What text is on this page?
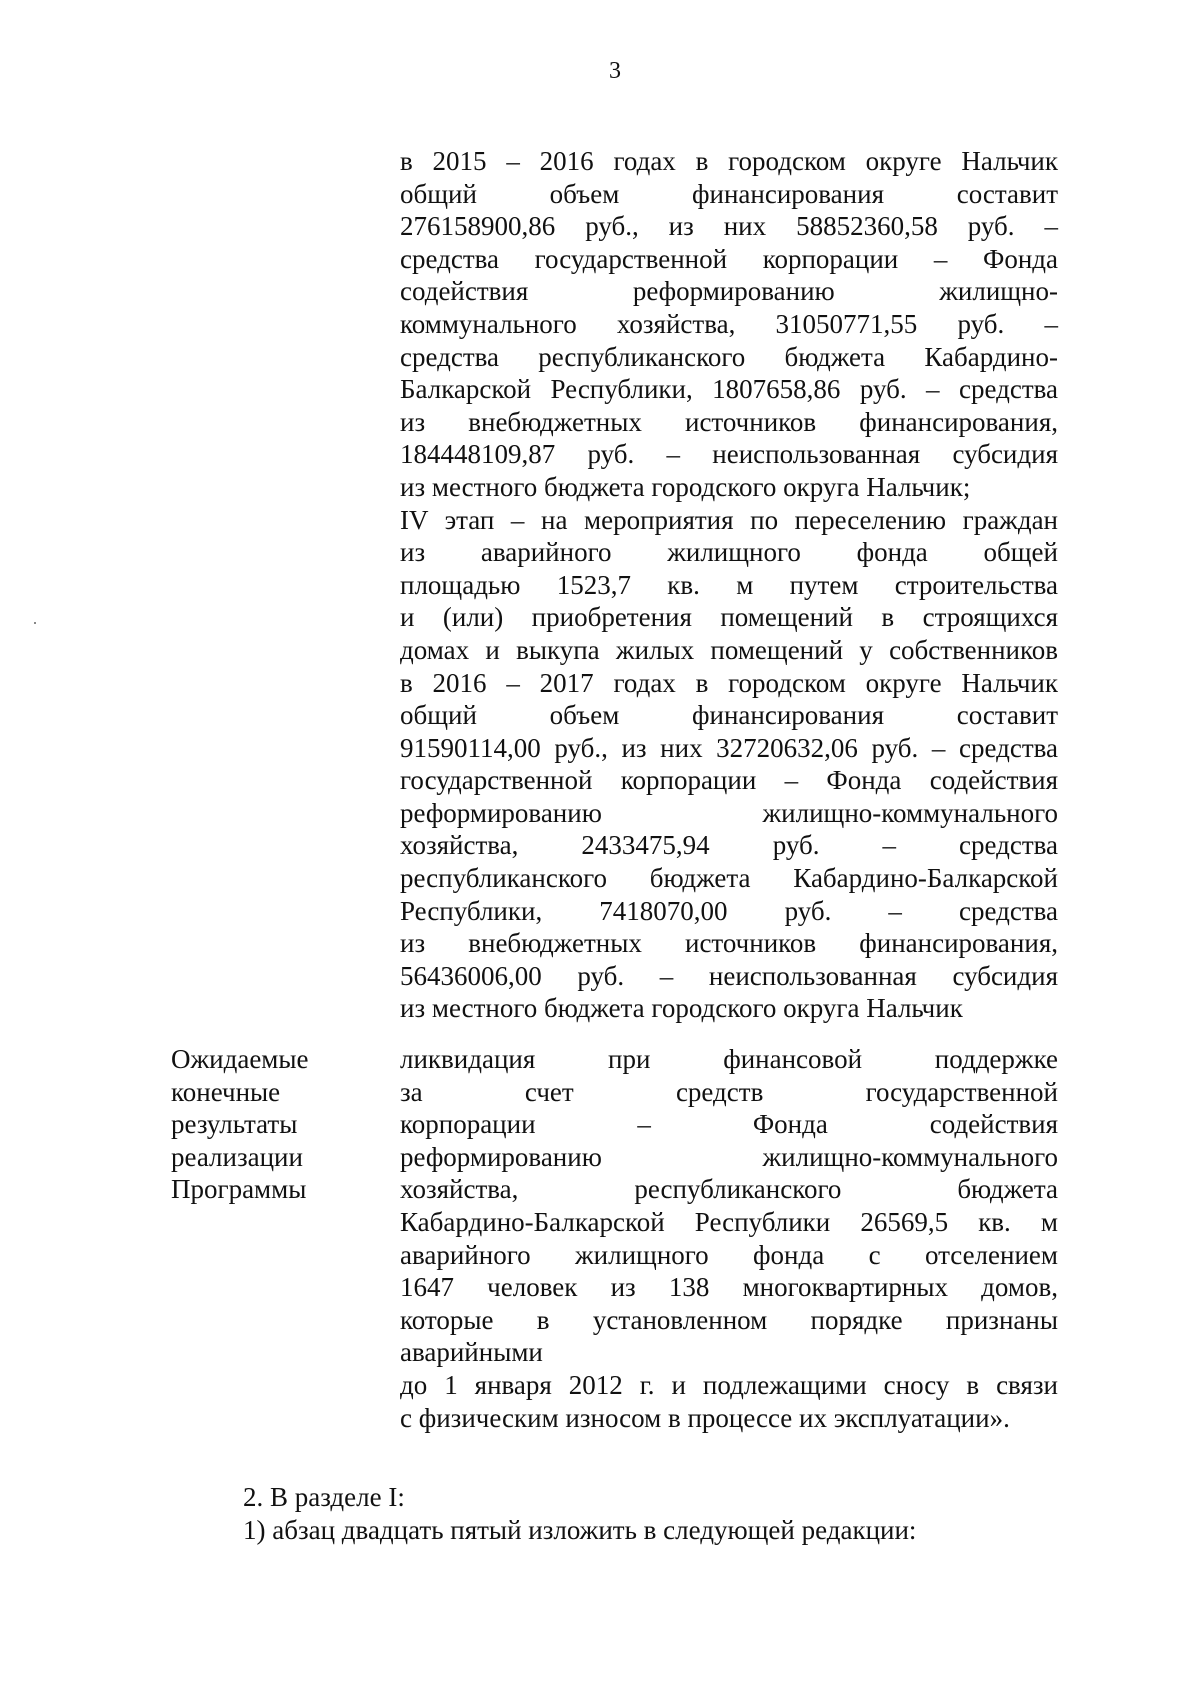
3
в 2015 – 2016 годах в городском округе Нальчик
общий объем финансирования составит
276158900,86 руб., из них 58852360,58 руб. –
средства государственной корпорации – Фонда
содействия реформированию жилищно-
коммунального хозяйства, 31050771,55 руб. –
средства республиканского бюджета Кабардино-
Балкарской Республики, 1807658,86 руб. – средства
из внебюджетных источников финансирования,
184448109,87 руб. – неиспользованная субсидия
из местного бюджета городского округа Нальчик;
IV этап – на мероприятия по переселению граждан
из аварийного жилищного фонда общей
площадью 1523,7 кв. м путем строительства
и (или) приобретения помещений в строящихся
домах и выкупа жилых помещений у собственников
в 2016 – 2017 годах в городском округе Нальчик
общий объем финансирования составит
91590114,00 руб., из них 32720632,06 руб. – средства
государственной корпорации – Фонда содействия
реформированию жилищно-коммунального
хозяйства, 2433475,94 руб. – средства
республиканского бюджета Кабардино-Балкарской
Республики, 7418070,00 руб. – средства
из внебюджетных источников финансирования,
56436006,00 руб. – неиспользованная субсидия
из местного бюджета городского округа Нальчик
Ожидаемые
конечные
результаты
реализации
Программы
ликвидация при финансовой поддержке
за счет средств государственной
корпорации – Фонда содействия
реформированию жилищно-коммунального
хозяйства, республиканского бюджета
Кабардино-Балкарской Республики 26569,5 кв. м
аварийного жилищного фонда с отселением
1647 человек из 138 многоквартирных домов,
которые в установленном порядке признаны
аварийными
до 1 января 2012 г. и подлежащими сносу в связи
с физическим износом в процессе их эксплуатации».
2. В разделе I:
1) абзац двадцать пятый изложить в следующей редакции:
